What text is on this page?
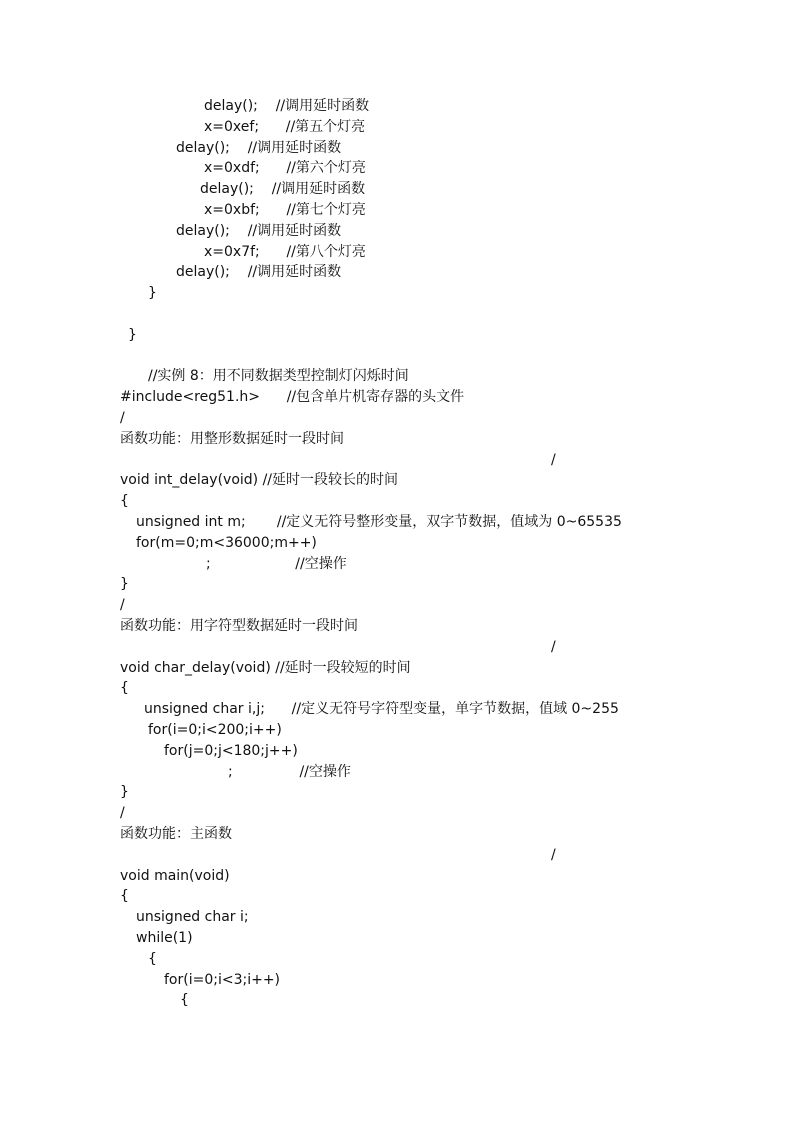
delay();    //调用延时函数
x=0xef;      //第五个灯亮
delay();    //调用延时函数
x=0xdf;      //第六个灯亮
delay();    //调用延时函数
x=0xbf;      //第七个灯亮
delay();    //调用延时函数
x=0x7f;      //第八个灯亮
delay();    //调用延时函数
}
}
//实例 8：用不同数据类型控制灯闪烁时间
#include<reg51.h>      //包含单片机寄存器的头文件
/
函数功能：用整形数据延时一段时间
/
void int_delay(void) //延时一段较长的时间
{
unsigned int m;       //定义无符号整形变量，双字节数据，值域为 0~65535
for(m=0;m<36000;m++)
;                   //空操作
}
/
函数功能：用字符型数据延时一段时间
/
void char_delay(void) //延时一段较短的时间
{
unsigned char i,j;      //定义无符号字符型变量，单字节数据，值域 0~255
for(i=0;i<200;i++)
for(j=0;j<180;j++)
;               //空操作
}
/
函数功能：主函数
/
void main(void)
{
unsigned char i;
while(1)
{
for(i=0;i<3;i++)
{
